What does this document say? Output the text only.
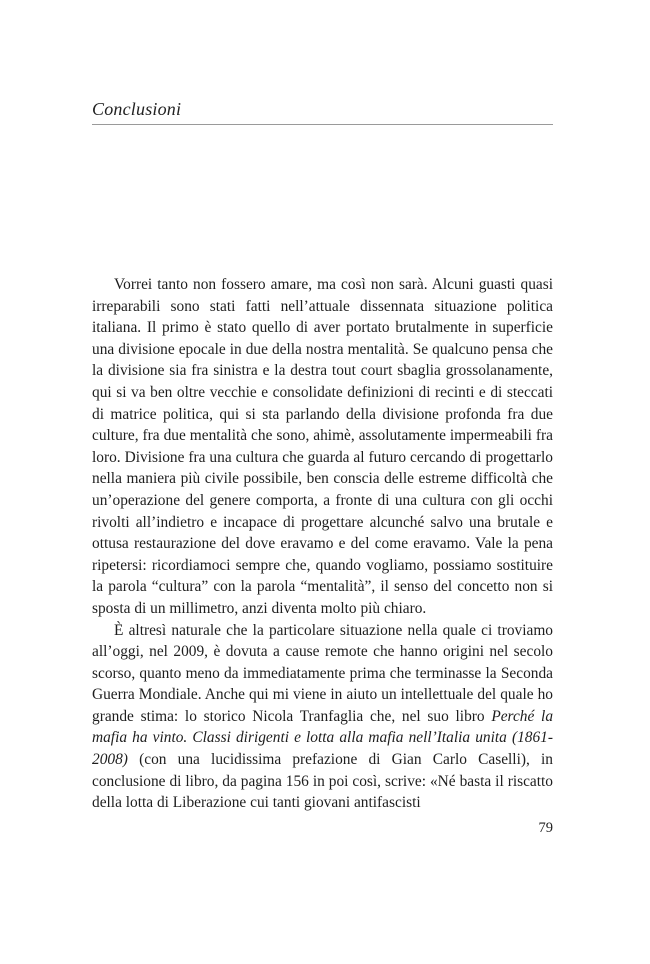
Conclusioni

Vorrei tanto non fossero amare, ma così non sarà. Alcuni guasti quasi irreparabili sono stati fatti nell’attuale dissennata situazione politica italiana. Il primo è stato quello di aver portato brutalmente in superficie una divisione epocale in due della nostra mentalità. Se qualcuno pensa che la divisione sia fra sinistra e la destra tout court sbaglia grossolanamente, qui si va ben oltre vecchie e consolidate definizioni di recinti e di steccati di matrice politica, qui si sta parlando della divisione profonda fra due culture, fra due mentalità che sono, ahimè, assolutamente impermeabili fra loro. Divisione fra una cultura che guarda al futuro cercando di progettarlo nella maniera più civile possibile, ben conscia delle estreme difficoltà che un’operazione del genere comporta, a fronte di una cultura con gli occhi rivolti all’indietro e incapace di progettare alcunché salvo una brutale e ottusa restaurazione del dove eravamo e del come eravamo. Vale la pena ripetersi: ricordiamoci sempre che, quando vogliamo, possiamo sostituire la parola “cultura” con la parola “mentalità”, il senso del concetto non si sposta di un millimetro, anzi diventa molto più chiaro.

È altresì naturale che la particolare situazione nella quale ci troviamo all’oggi, nel 2009, è dovuta a cause remote che hanno origini nel secolo scorso, quanto meno da immediatamente prima che terminasse la Seconda Guerra Mondiale. Anche qui mi viene in aiuto un intellettuale del quale ho grande stima: lo storico Nicola Tranfaglia che, nel suo libro Perché la mafia ha vinto. Classi dirigenti e lotta alla mafia nell’Italia unita (1861-2008) (con una lucidissima prefazione di Gian Carlo Caselli), in conclusione di libro, da pagina 156 in poi così, scrive: «Né basta il riscatto della lotta di Liberazione cui tanti giovani antifascisti

79
